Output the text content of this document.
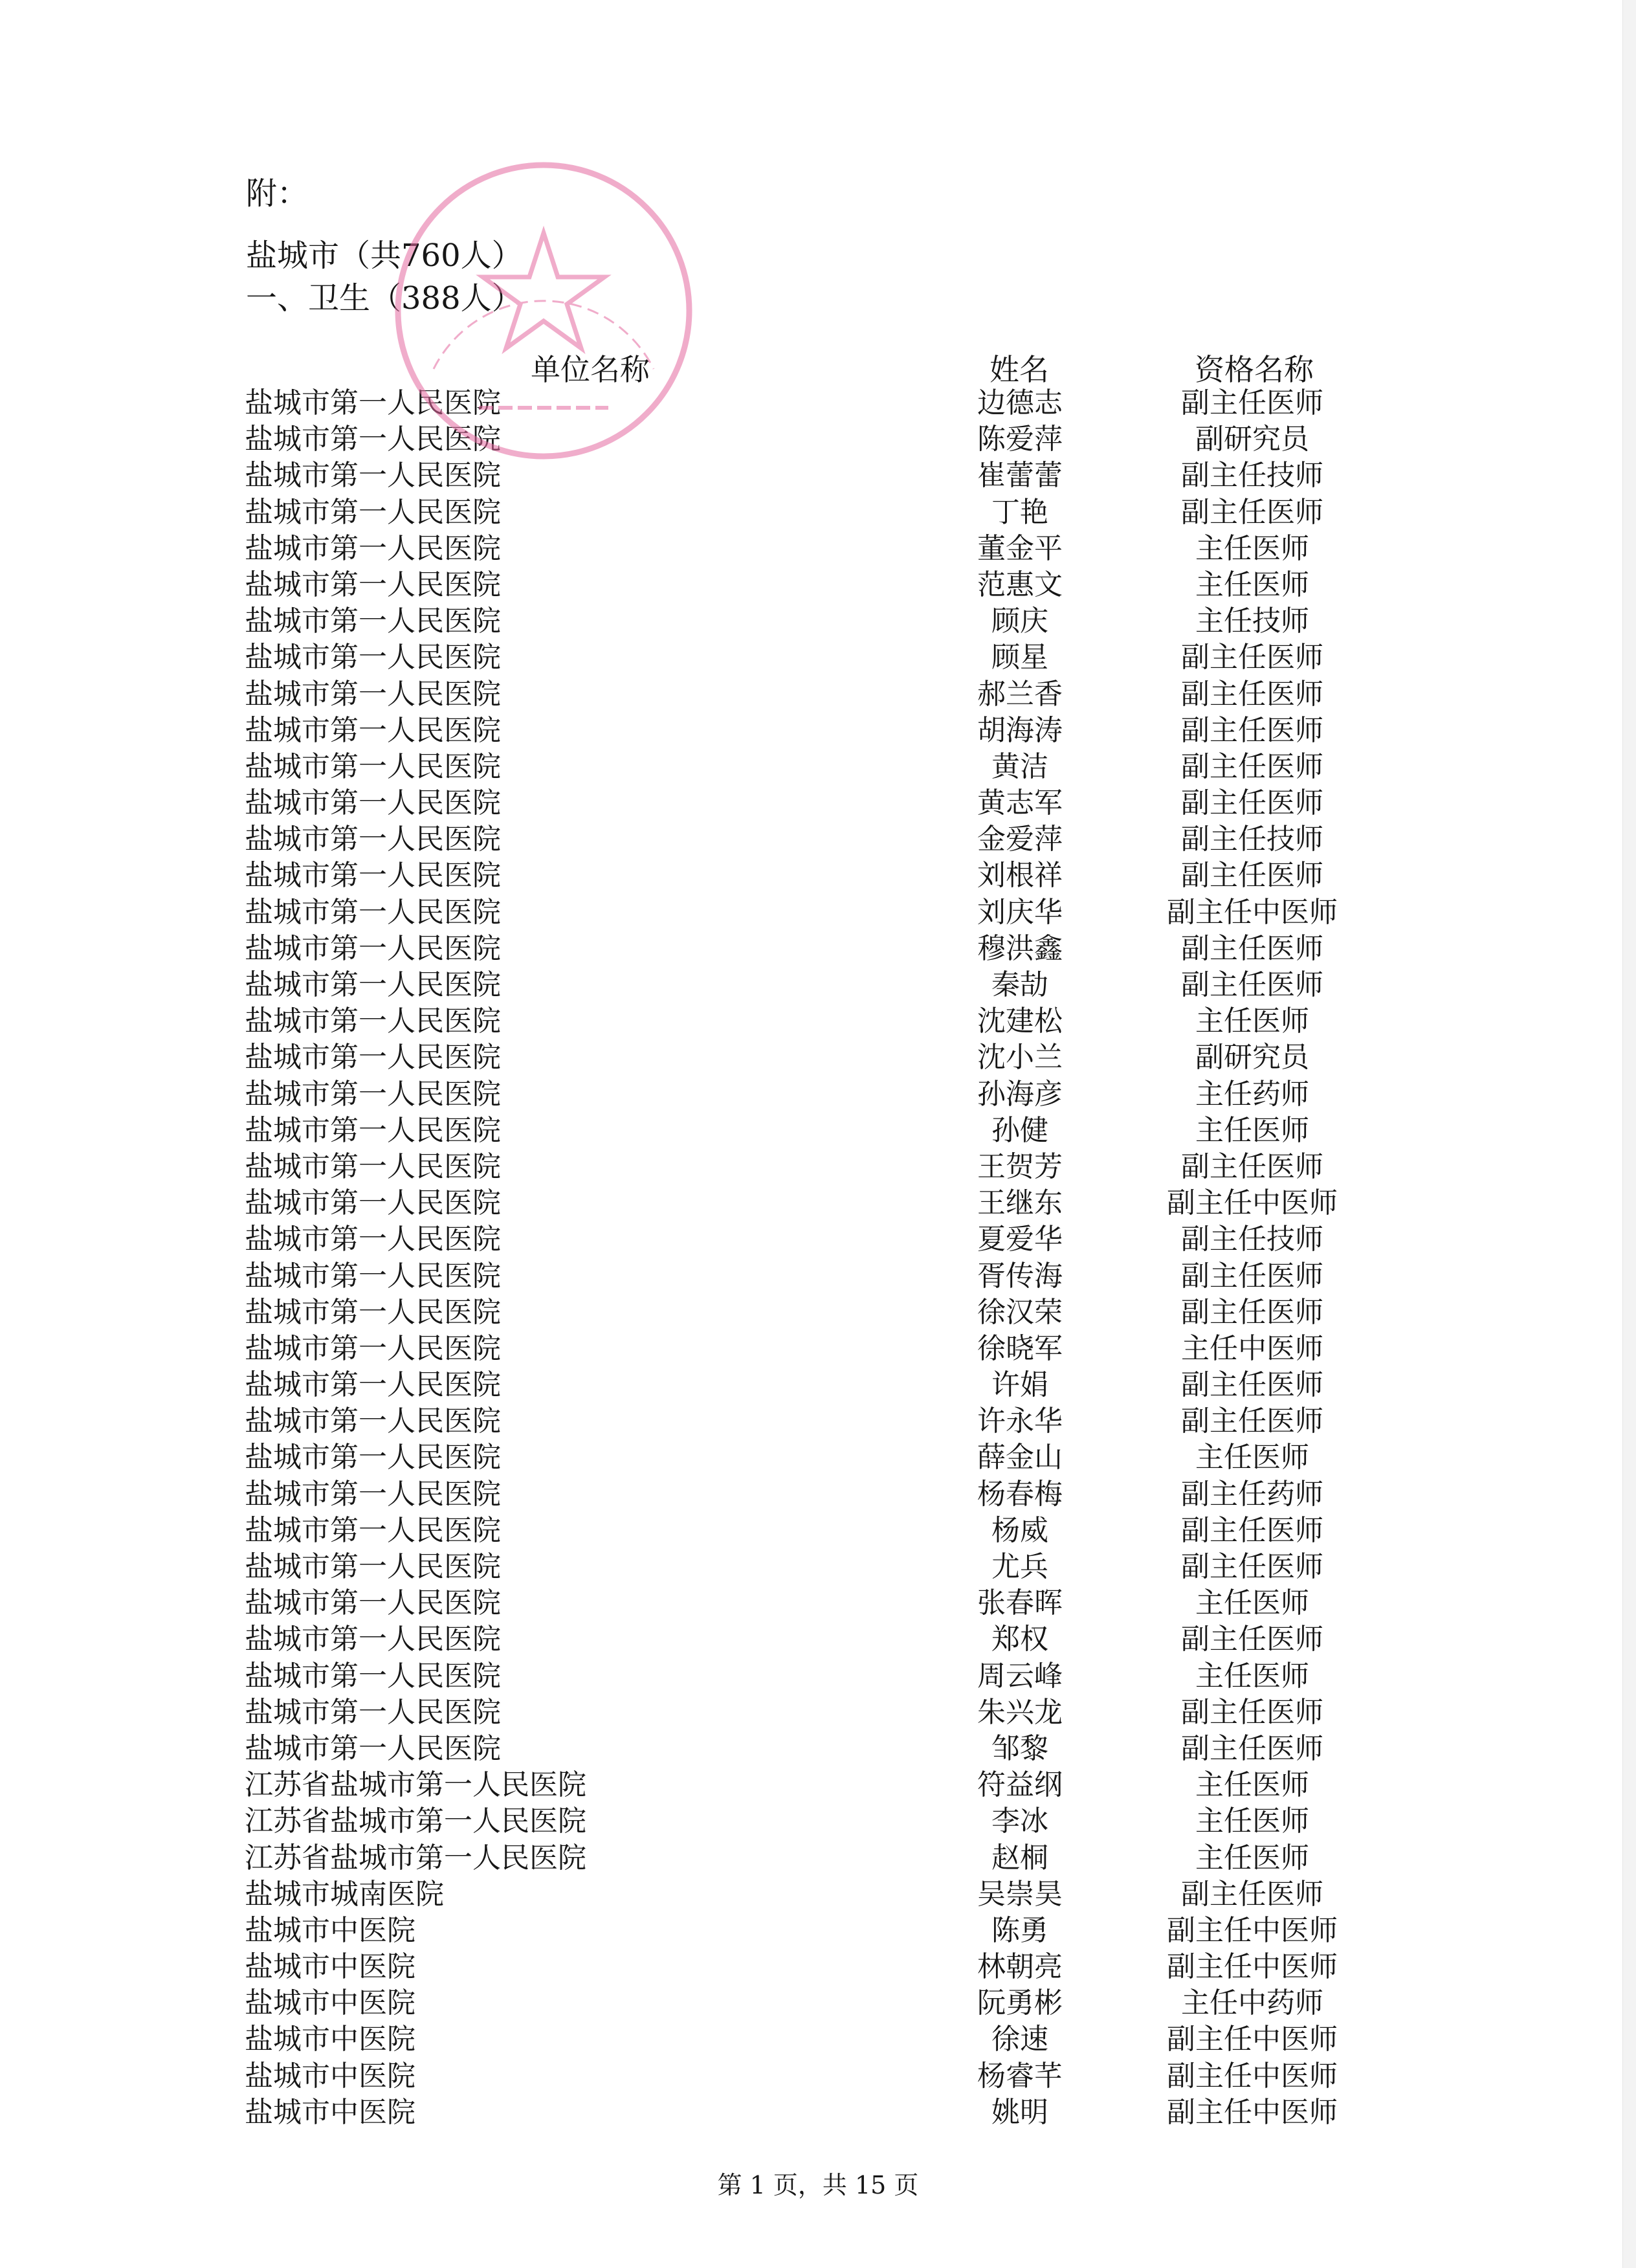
附：
盐城市（共760人）
一、卫生（388人）
单位名称	姓名	资格名称
盐城市第一人民医院	边德志	副主任医师
盐城市第一人民医院	陈爱萍	副研究员
盐城市第一人民医院	崔蕾蕾	副主任技师
盐城市第一人民医院	丁艳	副主任医师
盐城市第一人民医院	董金平	主任医师
盐城市第一人民医院	范惠文	主任医师
盐城市第一人民医院	顾庆	主任技师
盐城市第一人民医院	顾星	副主任医师
盐城市第一人民医院	郝兰香	副主任医师
盐城市第一人民医院	胡海涛	副主任医师
盐城市第一人民医院	黄洁	副主任医师
盐城市第一人民医院	黄志军	副主任医师
盐城市第一人民医院	金爱萍	副主任技师
盐城市第一人民医院	刘根祥	副主任医师
盐城市第一人民医院	刘庆华	副主任中医师
盐城市第一人民医院	穆洪鑫	副主任医师
盐城市第一人民医院	秦劼	副主任医师
盐城市第一人民医院	沈建松	主任医师
盐城市第一人民医院	沈小兰	副研究员
盐城市第一人民医院	孙海彦	主任药师
盐城市第一人民医院	孙健	主任医师
盐城市第一人民医院	王贺芳	副主任医师
盐城市第一人民医院	王继东	副主任中医师
盐城市第一人民医院	夏爱华	副主任技师
盐城市第一人民医院	胥传海	副主任医师
盐城市第一人民医院	徐汉荣	副主任医师
盐城市第一人民医院	徐晓军	主任中医师
盐城市第一人民医院	许娟	副主任医师
盐城市第一人民医院	许永华	副主任医师
盐城市第一人民医院	薛金山	主任医师
盐城市第一人民医院	杨春梅	副主任药师
盐城市第一人民医院	杨威	副主任医师
盐城市第一人民医院	尤兵	副主任医师
盐城市第一人民医院	张春晖	主任医师
盐城市第一人民医院	郑权	副主任医师
盐城市第一人民医院	周云峰	主任医师
盐城市第一人民医院	朱兴龙	副主任医师
盐城市第一人民医院	邹黎	副主任医师
江苏省盐城市第一人民医院	符益纲	主任医师
江苏省盐城市第一人民医院	李冰	主任医师
江苏省盐城市第一人民医院	赵桐	主任医师
盐城市城南医院	吴崇昊	副主任医师
盐城市中医院	陈勇	副主任中医师
盐城市中医院	林朝亮	副主任中医师
盐城市中医院	阮勇彬	主任中药师
盐城市中医院	徐速	副主任中医师
盐城市中医院	杨睿芊	副主任中医师
盐城市中医院	姚明	副主任中医师
第 1 页，共 15 页
